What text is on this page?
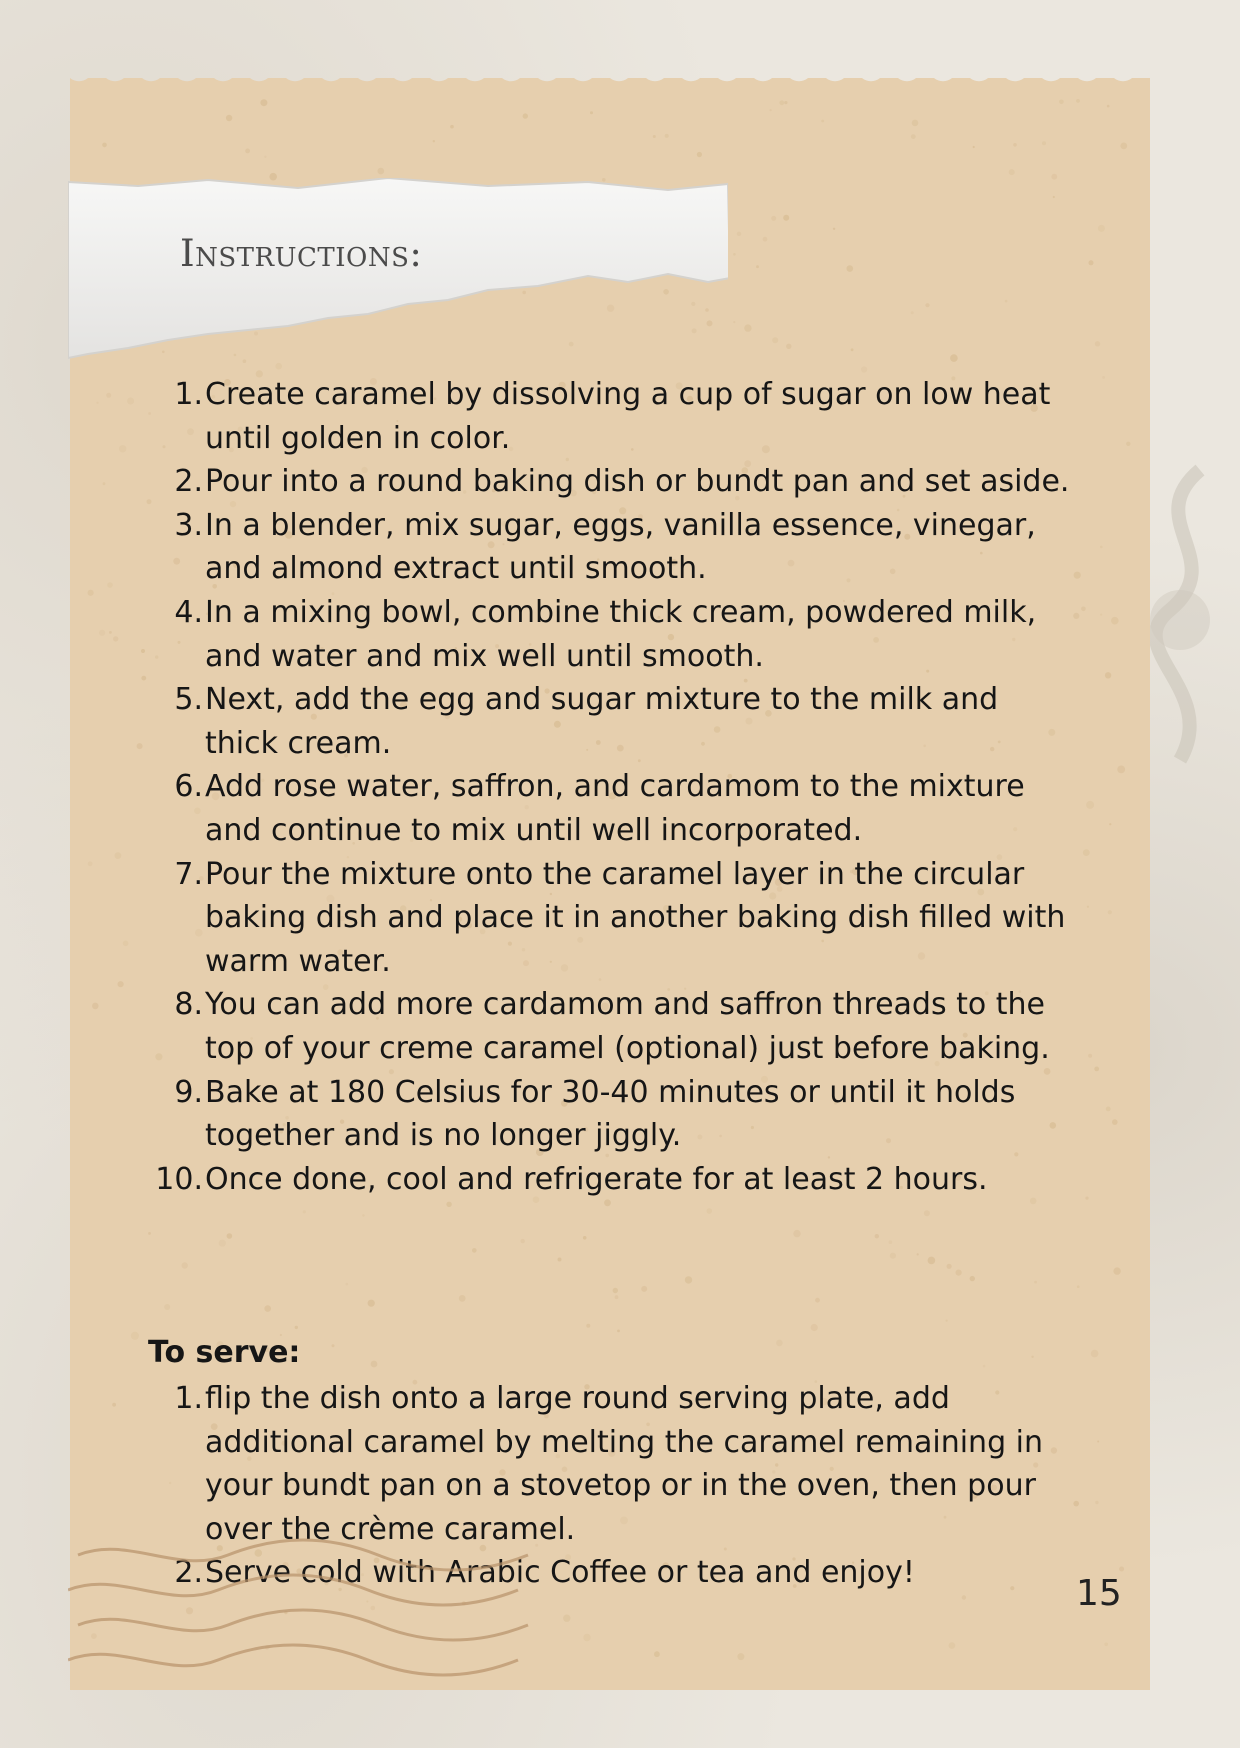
Instructions:
1. Create caramel by dissolving a cup of sugar on low heat until golden in color.
2. Pour into a round baking dish or bundt pan and set aside.
3. In a blender, mix sugar, eggs, vanilla essence, vinegar, and almond extract until smooth.
4. In a mixing bowl, combine thick cream, powdered milk, and water and mix well until smooth.
5. Next, add the egg and sugar mixture to the milk and thick cream.
6. Add rose water, saffron, and cardamom to the mixture and continue to mix until well incorporated.
7. Pour the mixture onto the caramel layer in the circular baking dish and place it in another baking dish filled with warm water.
8. You can add more cardamom and saffron threads to the top of your creme caramel (optional) just before baking.
9. Bake at 180 Celsius for 30-40 minutes or until it holds together and is no longer jiggly.
10. Once done, cool and refrigerate for at least 2 hours.
To serve:
1. flip the dish onto a large round serving plate, add additional caramel by melting the caramel remaining in your bundt pan on a stovetop or in the oven, then pour over the crème caramel.
2. Serve cold with Arabic Coffee or tea and enjoy!
15
